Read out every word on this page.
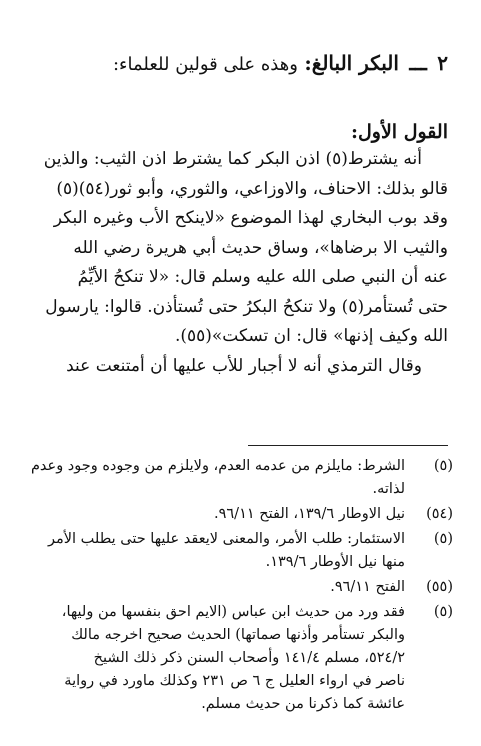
٢ ـــ البكر البالغ: وهذه على قولين للعلماء:
القول الأول:
أنه يشترط(٥) اذن البكر كما يشترط اذن الثيب: والذين
قالو بذلك: الاحناف، والاوزاعي، والثوري، وأبو ثور(٥٤)(٥)
وقد بوب البخاري لهذا الموضوع «لاينكح الأب وغيره البكر
والثيب الا برضاها»، وساق حديث أبي هريرة رضي الله
عنه أن النبي صلى الله عليه وسلم قال: «لا تنكحُ الأيِّمُ
حتى تُستأمر(٥) ولا تنكحُ البكرُ حتى تُستأذن. قالوا: يارسول
الله وكيف إذنها» قال: ان تسكت»(٥٥).
وقال الترمذي أنه لا أجبار للأب عليها أن أمتنعت عند
(٥)
الشرط: مايلزم من عدمه العدم، ولايلزم من وجوده وجود وعدم
لذاته.
(٥٤)
نيل الاوطار ١٣٩/٦، الفتح ٩٦/١١.
(٥)
الاستئمار: طلب الأمر، والمعنى لايعقد عليها حتى يطلب الأمر
منها نيل الأوطار ١٣٩/٦.
(٥٥)
الفتح ٩٦/١١.
(٥)
فقد ورد من حديث ابن عباس (الايم احق بنفسها من وليها،
والبكر تستأمر وأذنها صماتها) الحديث صحيح اخرجه مالك
٥٢٤/٢، مسلم ١٤١/٤ وأصحاب السنن ذكر ذلك الشيخ
ناصر في ارواء العليل ج ٦ ص ٢٣١ وكذلك ماورد في رواية
عائشة كما ذكرنا من حديث مسلم.
